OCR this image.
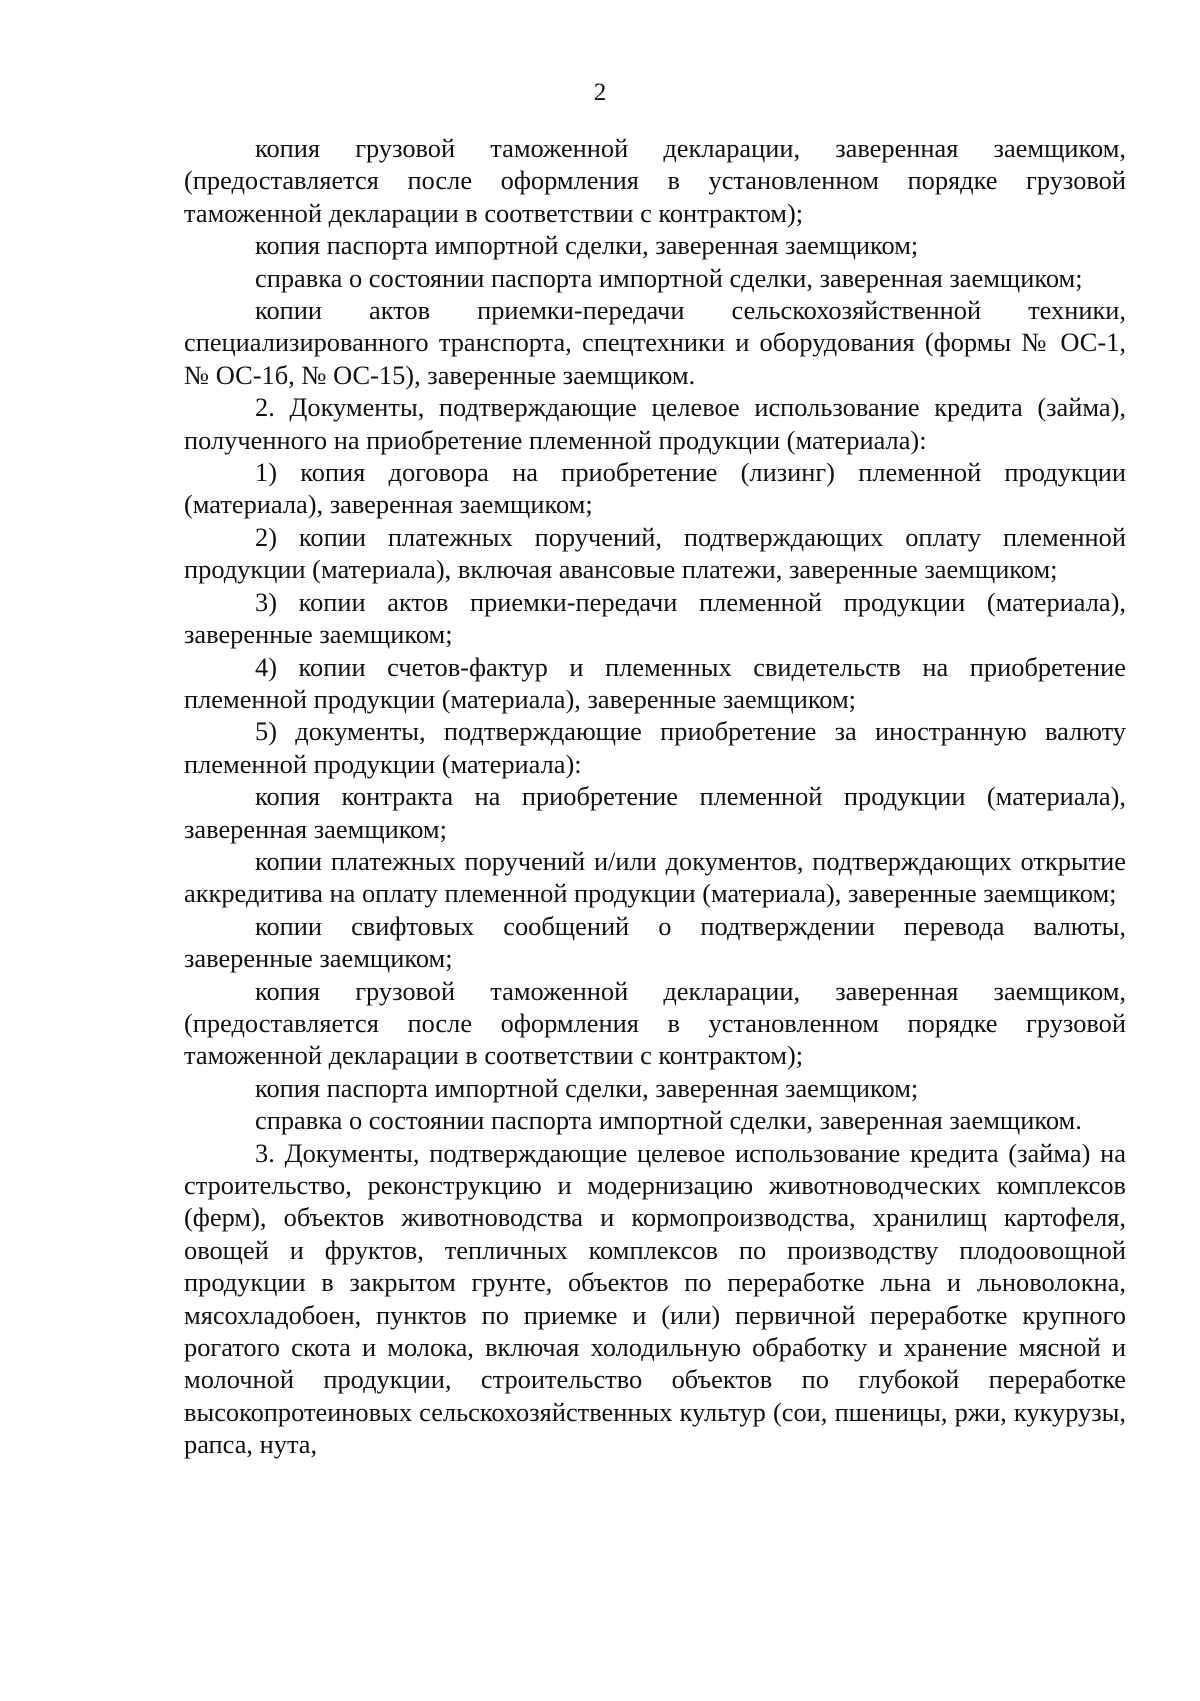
2

копия грузовой таможенной декларации, заверенная заемщиком, (предоставляется после оформления в установленном порядке грузовой таможенной декларации в соответствии с контрактом);

копия паспорта импортной сделки, заверенная заемщиком;

справка о состоянии паспорта импортной сделки, заверенная заемщиком;

копии актов приемки-передачи сельскохозяйственной техники, специализированного транспорта, спецтехники и оборудования (формы № ОС-1, № ОС-1б, № ОС-15), заверенные заемщиком.

2. Документы, подтверждающие целевое использование кредита (займа), полученного на приобретение племенной продукции (материала):

1) копия договора на приобретение (лизинг) племенной продукции (материала), заверенная заемщиком;

2) копии платежных поручений, подтверждающих оплату племенной продукции (материала), включая авансовые платежи, заверенные заемщиком;

3) копии актов приемки-передачи племенной продукции (материала), заверенные заемщиком;

4) копии счетов-фактур и племенных свидетельств на приобретение племенной продукции (материала), заверенные заемщиком;

5) документы, подтверждающие приобретение за иностранную валюту племенной продукции (материала):

копия контракта на приобретение племенной продукции (материала), заверенная заемщиком;

копии платежных поручений и/или документов, подтверждающих открытие аккредитива на оплату племенной продукции (материала), заверенные заемщиком;

копии свифтовых сообщений о подтверждении перевода валюты, заверенные заемщиком;

копия грузовой таможенной декларации, заверенная заемщиком, (предоставляется после оформления в установленном порядке грузовой таможенной декларации в соответствии с контрактом);

копия паспорта импортной сделки, заверенная заемщиком;

справка о состоянии паспорта импортной сделки, заверенная заемщиком.

3. Документы, подтверждающие целевое использование кредита (займа) на строительство, реконструкцию и модернизацию животноводческих комплексов (ферм), объектов животноводства и кормопроизводства, хранилищ картофеля, овощей и фруктов, тепличных комплексов по производству плодоовощной продукции в закрытом грунте, объектов по переработке льна и льноволокна, мясохладобоен, пунктов по приемке и (или) первичной переработке крупного рогатого скота и молока, включая холодильную обработку и хранение мясной и молочной продукции, строительство объектов по глубокой переработке высокопротеиновых сельскохозяйственных культур (сои, пшеницы, ржи, кукурузы, рапса, нута,
